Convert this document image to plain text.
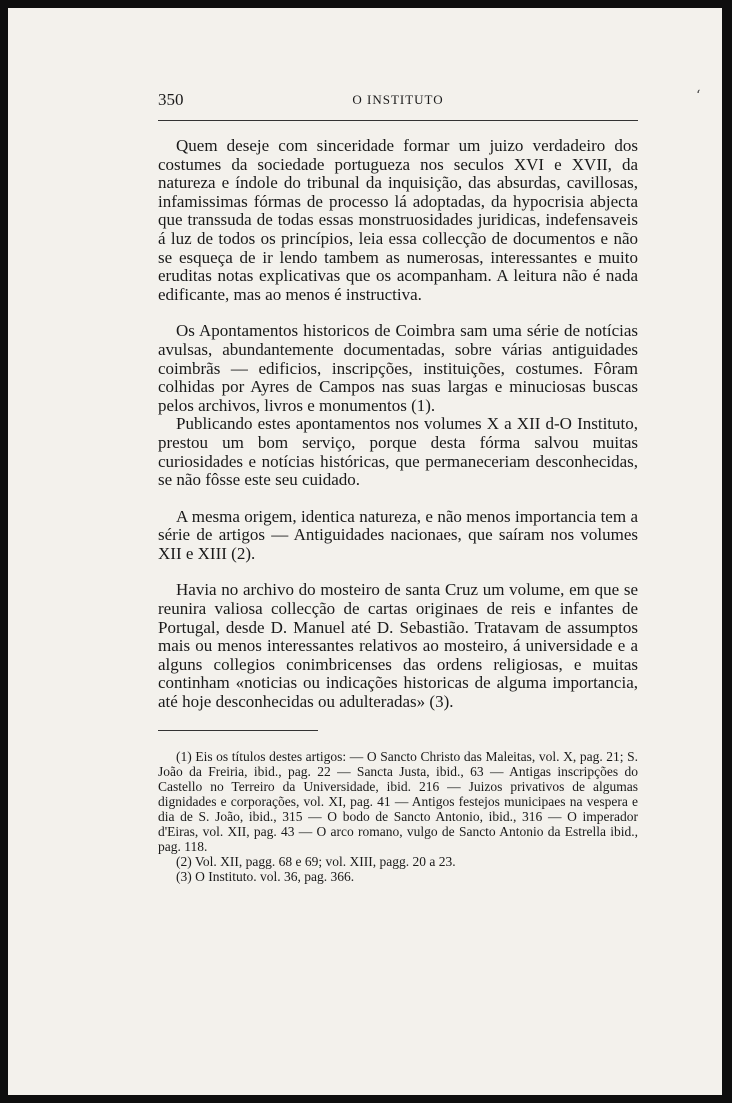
‘
350	O INSTITUTO

Quem deseje com sinceridade formar um juizo verdadeiro dos costumes da sociedade portugueza nos seculos XVI e XVII, da natureza e índole do tribunal da inquisição, das absurdas, cavillosas, infamissimas fórmas de processo lá adoptadas, da hypocrisia abjecta que transsuda de todas essas monstruosidades juridicas, indefensaveis á luz de todos os princípios, leia essa collecção de documentos e não se esqueça de ir lendo tambem as numerosas, interessantes e muito eruditas notas explicativas que os acompanham. A leitura não é nada edificante, mas ao menos é instructiva.

Os Apontamentos historicos de Coimbra sam uma série de notícias avulsas, abundantemente documentadas, sobre várias antiguidades coimbrãs — edificios, inscripções, instituições, costumes. Fôram colhidas por Ayres de Campos nas suas largas e minuciosas buscas pelos archivos, livros e monumentos (1).

Publicando estes apontamentos nos volumes X a XII d-O Instituto, prestou um bom serviço, porque desta fórma salvou muitas curiosidades e notícias históricas, que permaneceriam desconhecidas, se não fôsse este seu cuidado.

A mesma origem, identica natureza, e não menos importancia tem a série de artigos — Antiguidades nacionaes, que saíram nos volumes XII e XIII (2).

Havia no archivo do mosteiro de santa Cruz um volume, em que se reunira valiosa collecção de cartas originaes de reis e infantes de Portugal, desde D. Manuel até D. Sebastião. Tratavam de assumptos mais ou menos interessantes relativos ao mosteiro, á universidade e a alguns collegios conimbricenses das ordens religiosas, e muitas continham «noticias ou indicações historicas de alguma importancia, até hoje desconhecidas ou adulteradas» (3).

(1) Eis os títulos destes artigos: — O Sancto Christo das Maleitas, vol. X, pag. 21; S. João da Freiria, ibid., pag. 22 — Sancta Justa, ibid., 63 — Antigas inscripções do Castello no Terreiro da Universidade, ibid. 216 — Juizos privativos de algumas dignidades e corporações, vol. XI, pag. 41 — Antigos festejos municipaes na vespera e dia de S. João, ibid., 315 — O bodo de Sancto Antonio, ibid., 316 — O imperador d'Eiras, vol. XII, pag. 43 — O arco romano, vulgo de Sancto Antonio da Estrella ibid., pag. 118.

(2) Vol. XII, pagg. 68 e 69; vol. XIII, pagg. 20 a 23.

(3) O Instituto. vol. 36, pag. 366.
